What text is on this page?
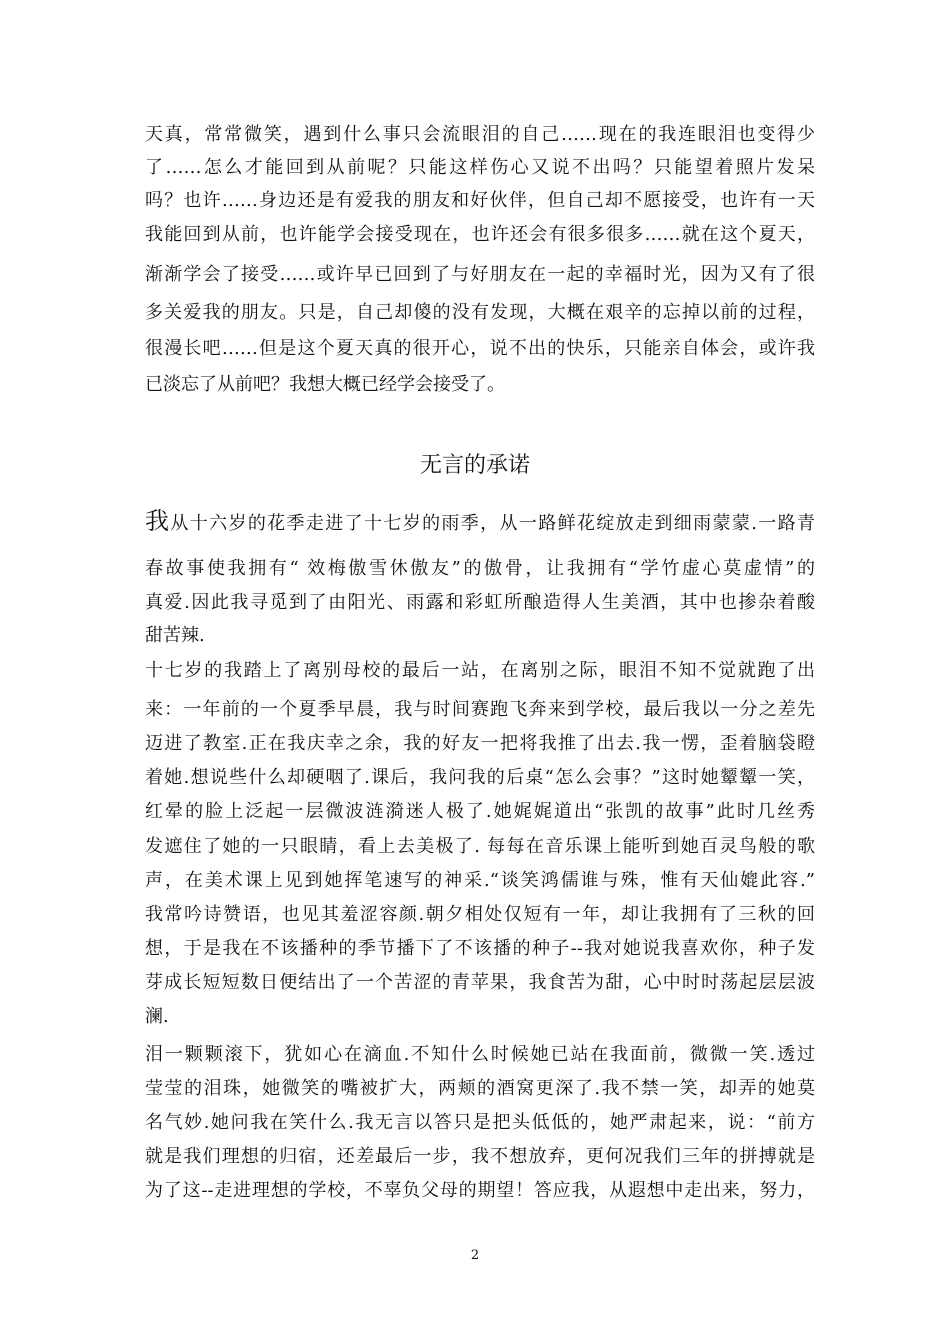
天真，常常微笑，遇到什么事只会流眼泪的自己……现在的我连眼泪也变得少
了……怎么才能回到从前呢？只能这样伤心又说不出吗？只能望着照片发呆
吗？也许……身边还是有爱我的朋友和好伙伴，但自己却不愿接受，也许有一天
我能回到从前，也许能学会接受现在，也许还会有很多很多……就在这个夏天，
渐渐学会了接受……或许早已回到了与好朋友在一起的幸福时光，因为又有了很
多关爱我的朋友。只是，自己却傻的没有发现，大概在艰辛的忘掉以前的过程，
很漫长吧……但是这个夏天真的很开心，说不出的快乐，只能亲自体会，或许我
已淡忘了从前吧？我想大概已经学会接受了。
无言的承诺
我从十六岁的花季走进了十七岁的雨季，从一路鲜花绽放走到细雨蒙蒙.一路青
春故事使我拥有“ 效梅傲雪休傲友”的傲骨，让我拥有“学竹虚心莫虚情”的
真爱.因此我寻觅到了由阳光、雨露和彩虹所酿造得人生美酒，其中也掺杂着酸
甜苦辣.
十七岁的我踏上了离别母校的最后一站，在离别之际，眼泪不知不觉就跑了出
来：一年前的一个夏季早晨，我与时间赛跑飞奔来到学校，最后我以一分之差先
迈进了教室.正在我庆幸之余，我的好友一把将我推了出去.我一愣，歪着脑袋瞪
着她.想说些什么却硬咽了.课后，我问我的后桌“怎么会事？”这时她颦颦一笑，
红晕的脸上泛起一层微波涟漪迷人极了.她娓娓道出“张凯的故事”此时几丝秀
发遮住了她的一只眼睛，看上去美极了. 每每在音乐课上能听到她百灵鸟般的歌
声，在美术课上见到她挥笔速写的神采.“谈笑鸿儒谁与殊，惟有天仙媲此容.”
我常吟诗赞语，也见其羞涩容颜.朝夕相处仅短有一年，却让我拥有了三秋的回
想，于是我在不该播种的季节播下了不该播的种子--我对她说我喜欢你，种子发
芽成长短短数日便结出了一个苦涩的青苹果，我食苦为甜，心中时时荡起层层波
澜.
泪一颗颗滚下，犹如心在滴血.不知什么时候她已站在我面前，微微一笑.透过
莹莹的泪珠，她微笑的嘴被扩大，两颊的酒窝更深了.我不禁一笑，却弄的她莫
名气妙.她问我在笑什么.我无言以答只是把头低低的，她严肃起来，说：“前方
就是我们理想的归宿，还差最后一步，我不想放弃，更何况我们三年的拼搏就是
为了这--走进理想的学校，不辜负父母的期望！答应我，从遐想中走出来，努力，
2
